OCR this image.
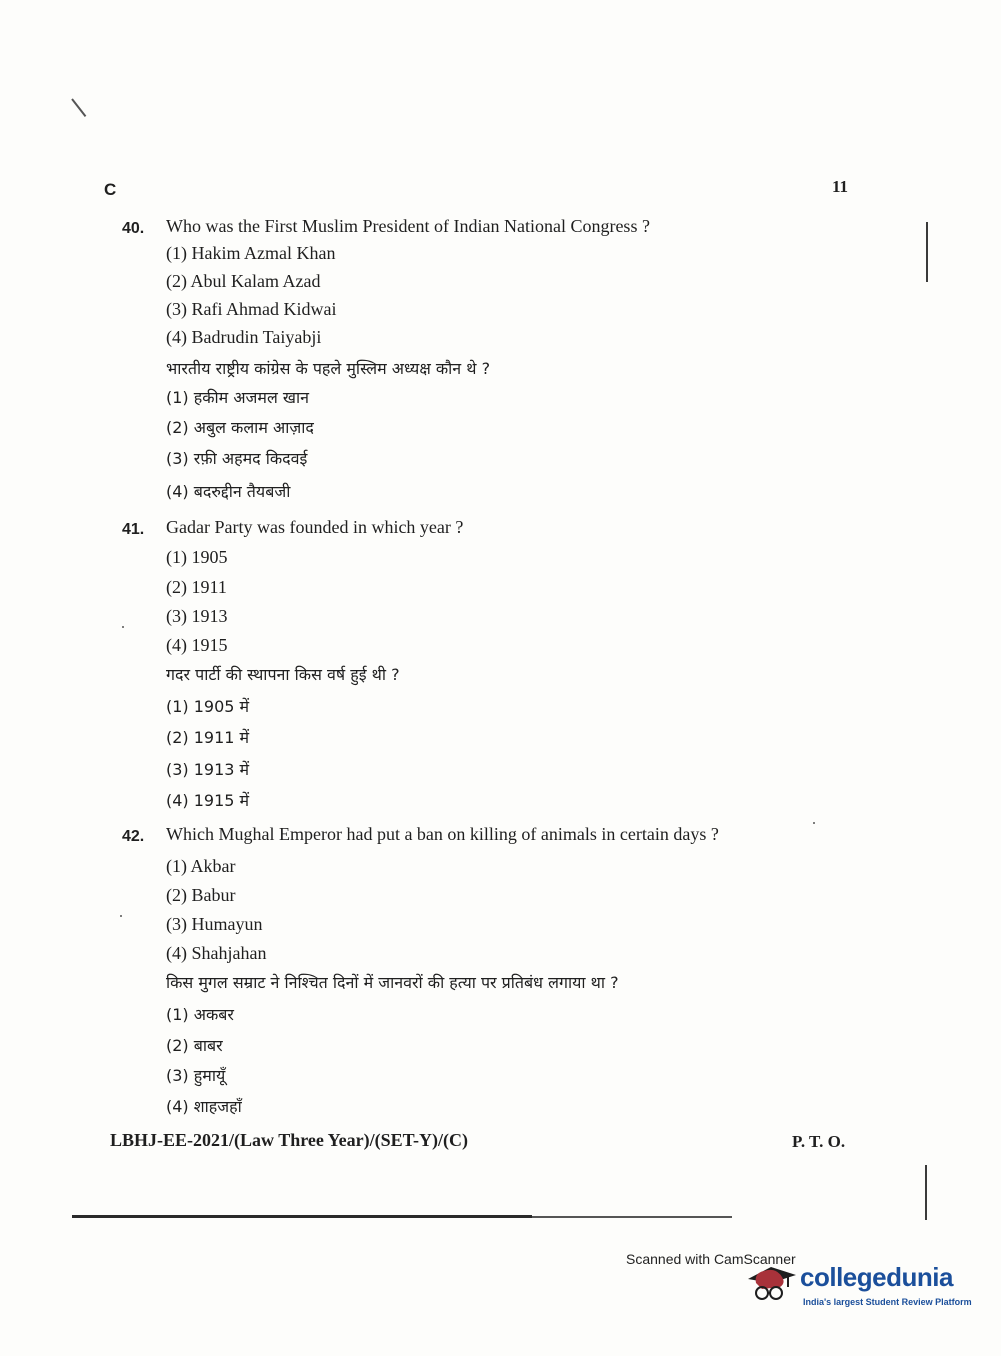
C	11
40. Who was the First Muslim President of Indian National Congress ?
(1) Hakim Azmal Khan
(2) Abul Kalam Azad
(3) Rafi Ahmad Kidwai
(4) Badrudin Taiyabji
भारतीय राष्ट्रीय कांग्रेस के पहले मुस्लिम अध्यक्ष कौन थे ?
(1) हकीम अजमल खान
(2) अबुल कलाम आज़ाद
(3) रफ़ी अहमद किदवई
(4) बदरुद्दीन तैयबजी
41. Gadar Party was founded in which year ?
(1) 1905
(2) 1911
(3) 1913
(4) 1915
गदर पार्टी की स्थापना किस वर्ष हुई थी ?
(1) 1905 में
(2) 1911 में
(3) 1913 में
(4) 1915 में
42. Which Mughal Emperor had put a ban on killing of animals in certain days ?
(1) Akbar
(2) Babur
(3) Humayun
(4) Shahjahan
किस मुगल सम्राट ने निश्चित दिनों में जानवरों की हत्या पर प्रतिबंध लगाया था ?
(1) अकबर
(2) बाबर
(3) हुमायूँ
(4) शाहजहाँ
LBHJ-EE-2021/(Law Three Year)/(SET-Y)/(C)	P. T. O.
Scanned with CamScanner
collegedunia
India's largest Student Review Platform
